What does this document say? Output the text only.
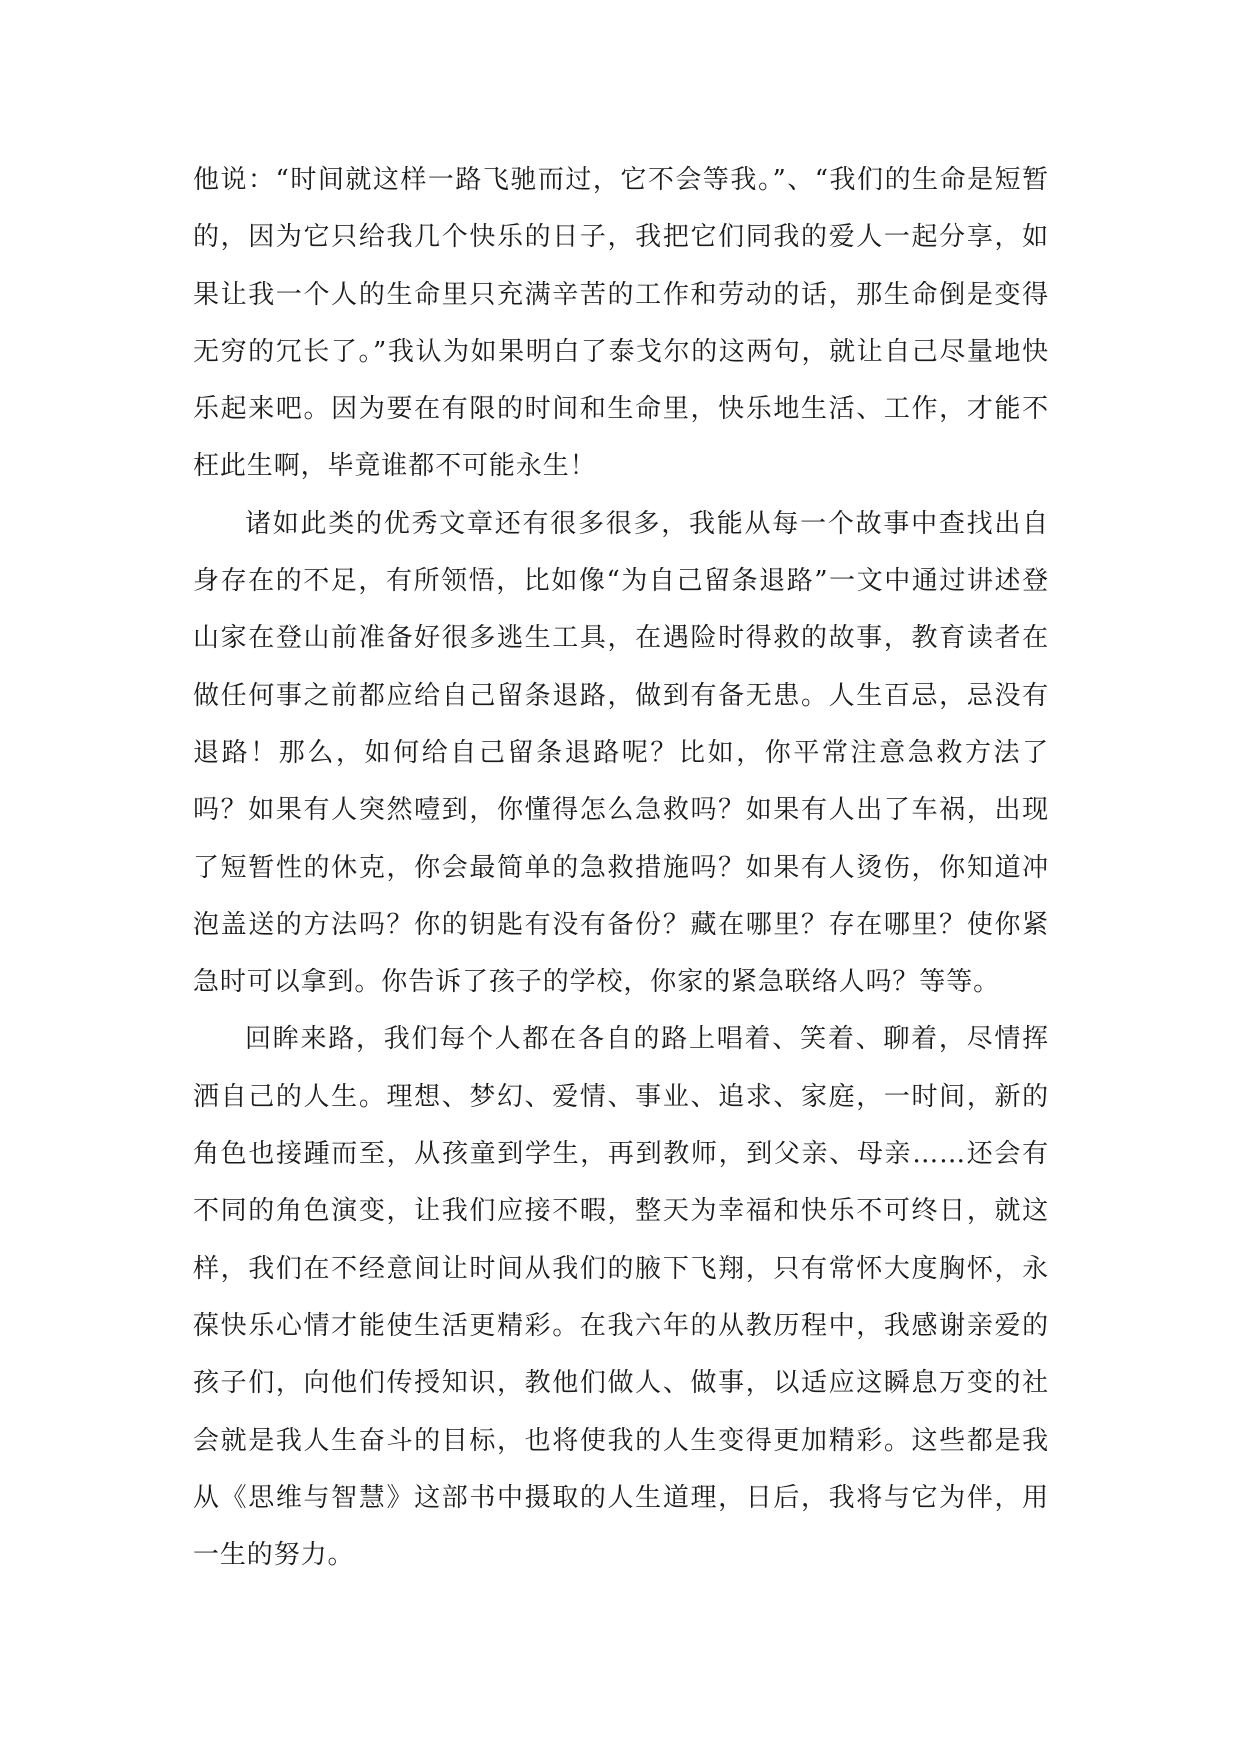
他说：“时间就这样一路飞驰而过，它不会等我。”、“我们的生命是短暂的，因为它只给我几个快乐的日子，我把它们同我的爱人一起分享，如果让我一个人的生命里只充满辛苦的工作和劳动的话，那生命倒是变得无穷的冗长了。”我认为如果明白了泰戈尔的这两句，就让自己尽量地快乐起来吧。因为要在有限的时间和生命里，快乐地生活、工作，才能不枉此生啊，毕竟谁都不可能永生！

诸如此类的优秀文章还有很多很多，我能从每一个故事中查找出自身存在的不足，有所领悟，比如像“为自己留条退路”一文中通过讲述登山家在登山前准备好很多逃生工具，在遇险时得救的故事，教育读者在做任何事之前都应给自己留条退路，做到有备无患。人生百忌，忌没有退路！那么，如何给自己留条退路呢？比如，你平常注意急救方法了吗？如果有人突然噎到，你懂得怎么急救吗？如果有人出了车祸，出现了短暂性的休克，你会最简单的急救措施吗？如果有人烫伤，你知道冲泡盖送的方法吗？你的钥匙有没有备份？藏在哪里？存在哪里？使你紧急时可以拿到。你告诉了孩子的学校，你家的紧急联络人吗？等等。

回眸来路，我们每个人都在各自的路上唱着、笑着、聊着，尽情挥洒自己的人生。理想、梦幻、爱情、事业、追求、家庭，一时间，新的角色也接踵而至，从孩童到学生，再到教师，到父亲、母亲……还会有不同的角色演变，让我们应接不暇，整天为幸福和快乐不可终日，就这样，我们在不经意间让时间从我们的腋下飞翔，只有常怀大度胸怀，永葆快乐心情才能使生活更精彩。在我六年的从教历程中，我感谢亲爱的孩子们，向他们传授知识，教他们做人、做事，以适应这瞬息万变的社会就是我人生奋斗的目标，也将使我的人生变得更加精彩。这些都是我从《思维与智慧》这部书中摄取的人生道理，日后，我将与它为伴，用一生的努力。
